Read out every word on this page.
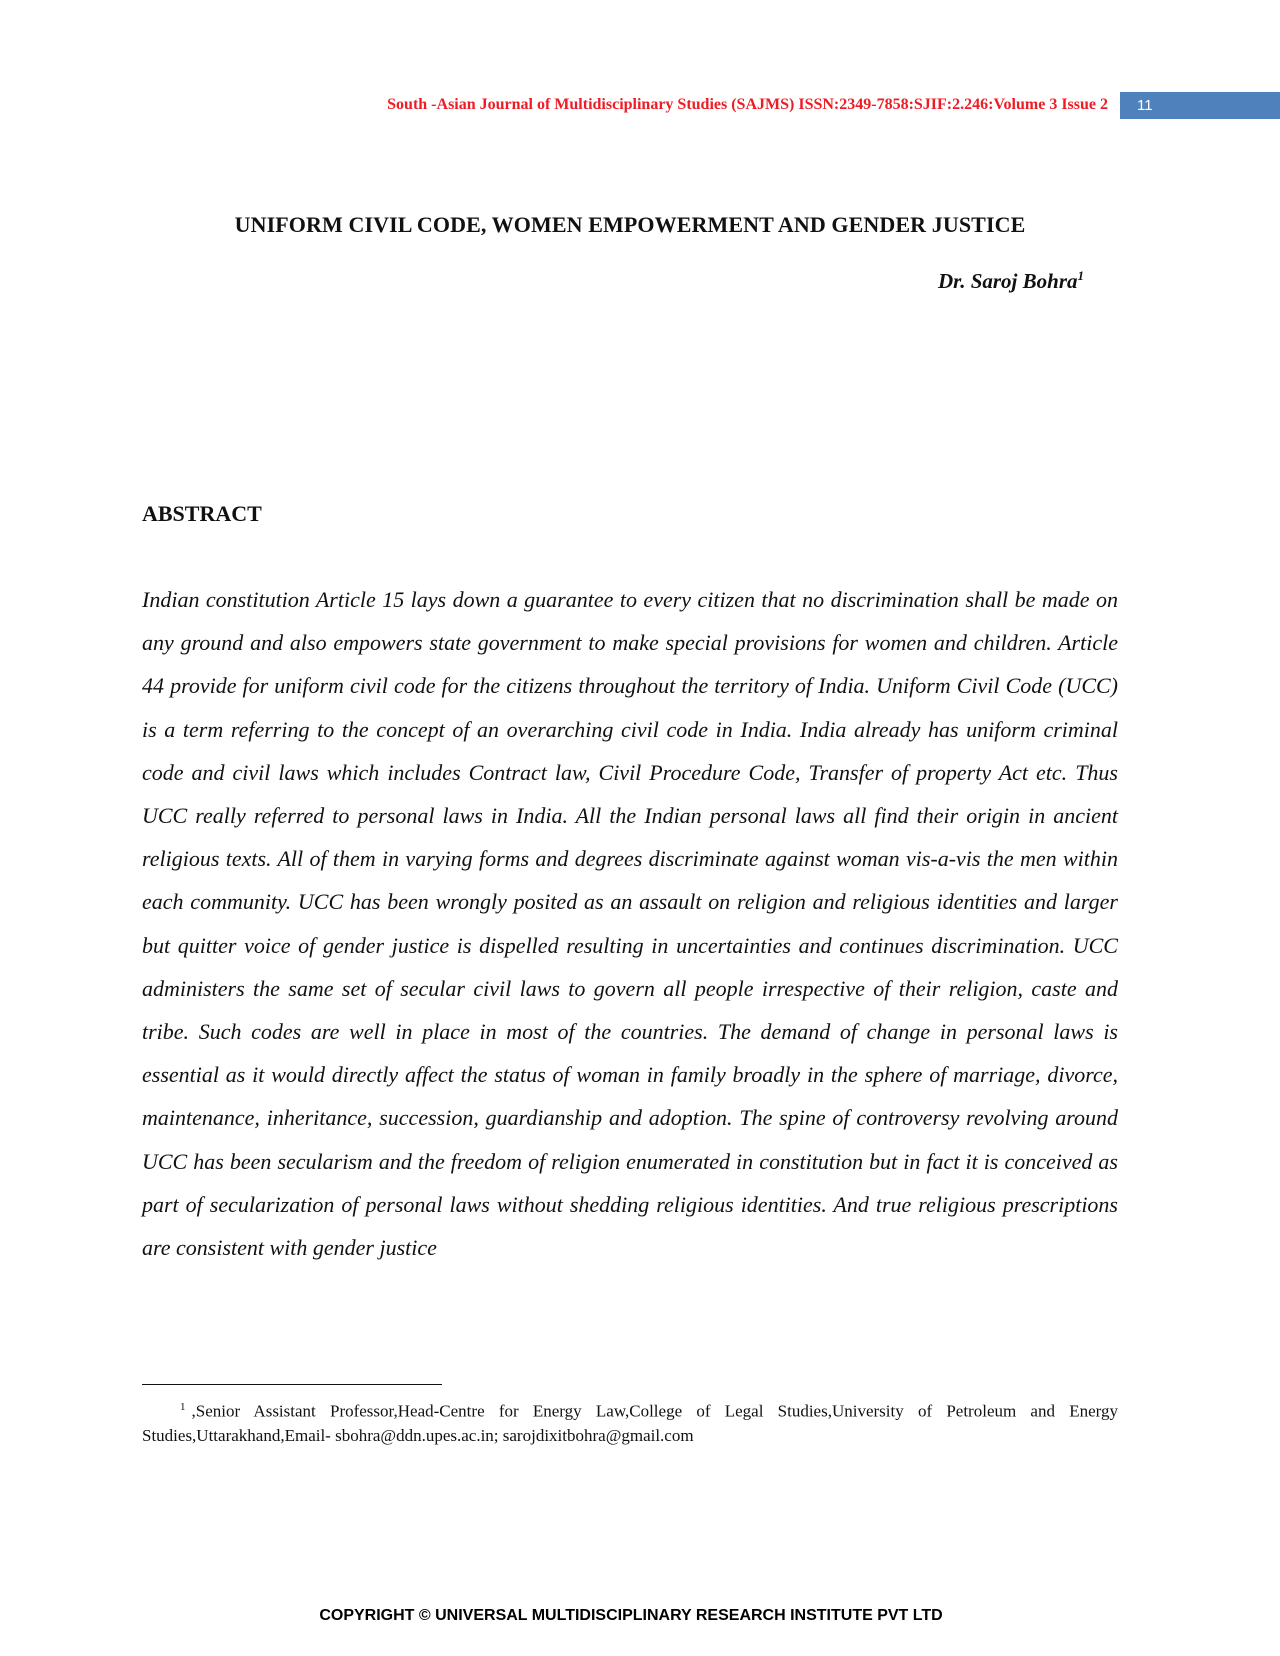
South -Asian Journal of Multidisciplinary Studies (SAJMS) ISSN:2349-7858:SJIF:2.246:Volume 3 Issue 2	11
UNIFORM CIVIL CODE, WOMEN EMPOWERMENT AND GENDER JUSTICE
Dr. Saroj Bohra$^1$
ABSTRACT

Indian constitution Article 15 lays down a guarantee to every citizen that no discrimination shall be made on any ground and also empowers state government to make special provisions for women and children. Article 44 provide for uniform civil code for the citizens throughout the territory of India. Uniform Civil Code (UCC) is a term referring to the concept of an overarching civil code in India. India already has uniform criminal code and civil laws which includes Contract law, Civil Procedure Code, Transfer of property Act etc. Thus UCC really referred to personal laws in India. All the Indian personal laws all find their origin in ancient religious texts. All of them in varying forms and degrees discriminate against woman vis-a-vis the men within each community. UCC has been wrongly posited as an assault on religion and religious identities and larger but quitter voice of gender justice is dispelled resulting in uncertainties and continues discrimination. UCC administers the same set of secular civil laws to govern all people irrespective of their religion, caste and tribe. Such codes are well in place in most of the countries. The demand of change in personal laws is essential as it would directly affect the status of woman in family broadly in the sphere of marriage, divorce, maintenance, inheritance, succession, guardianship and adoption. The spine of controversy revolving around UCC has been secularism and the freedom of religion enumerated in constitution but in fact it is conceived as part of secularization of personal laws without shedding religious identities. And true religious prescriptions are consistent with gender justice

$^1$ ,Senior Assistant Professor,Head-Centre for Energy Law,College of Legal Studies,University of Petroleum and Energy Studies,Uttarakhand,Email- sbohra@ddn.upes.ac.in; sarojdixitbohra@gmail.com

COPYRIGHT © UNIVERSAL MULTIDISCIPLINARY RESEARCH INSTITUTE PVT LTD
